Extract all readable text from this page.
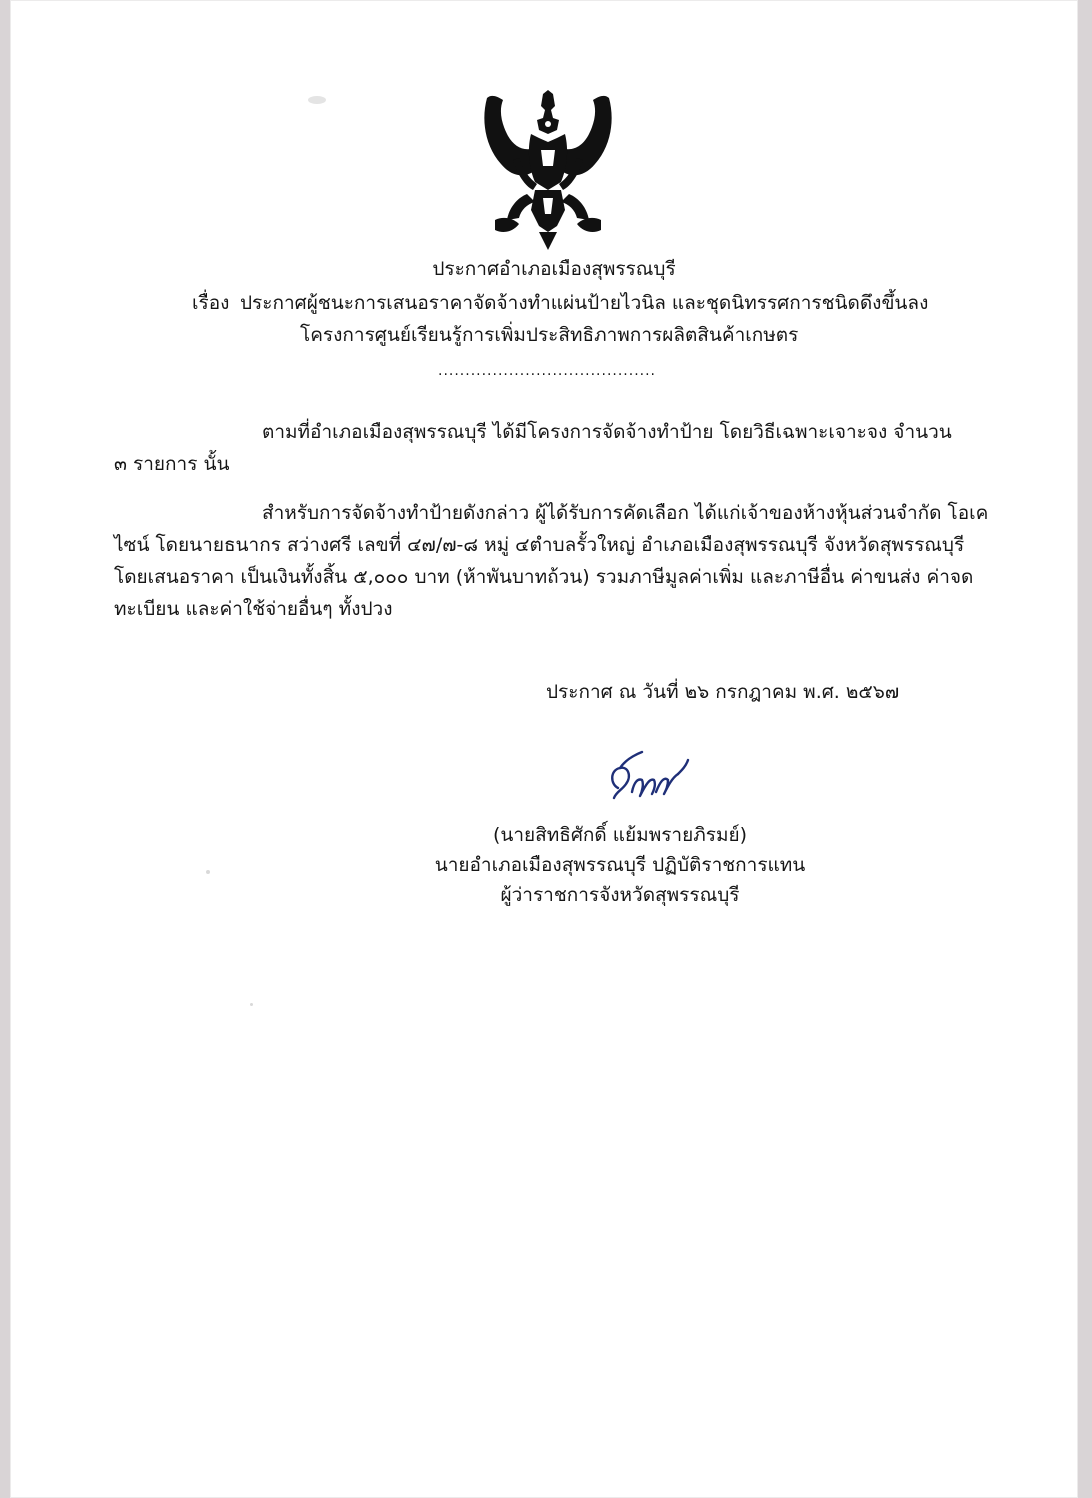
ประกาศอำเภอเมืองสุพรรณบุรี
เรื่อง ประกาศผู้ชนะการเสนอราคาจัดจ้างทำแผ่นป้ายไวนิล และชุดนิทรรศการชนิดดึงขึ้นลง
โครงการศูนย์เรียนรู้การเพิ่มประสิทธิภาพการผลิตสินค้าเกษตร
........................................
ตามที่อำเภอเมืองสุพรรณบุรี ได้มีโครงการจัดจ้างทำป้าย โดยวิธีเฉพาะเจาะจง จำนวน
๓ รายการ นั้น
สำหรับการจัดจ้างทำป้ายดังกล่าว ผู้ได้รับการคัดเลือก ได้แก่เจ้าของห้างหุ้นส่วนจำกัด โอเค
ไซน์ โดยนายธนากร สว่างศรี เลขที่ ๔๗/๗-๘ หมู่ ๔ตำบลรั้วใหญ่ อำเภอเมืองสุพรรณบุรี จังหวัดสุพรรณบุรี
โดยเสนอราคา เป็นเงินทั้งสิ้น ๕,๐๐๐ บาท (ห้าพันบาทถ้วน) รวมภาษีมูลค่าเพิ่ม และภาษีอื่น ค่าขนส่ง ค่าจด
ทะเบียน และค่าใช้จ่ายอื่นๆ ทั้งปวง
ประกาศ ณ วันที่ ๒๖ กรกฎาคม พ.ศ. ๒๕๖๗
(นายสิทธิศักดิ์ แย้มพรายภิรมย์)
นายอำเภอเมืองสุพรรณบุรี ปฏิบัติราชการแทน
ผู้ว่าราชการจังหวัดสุพรรณบุรี
